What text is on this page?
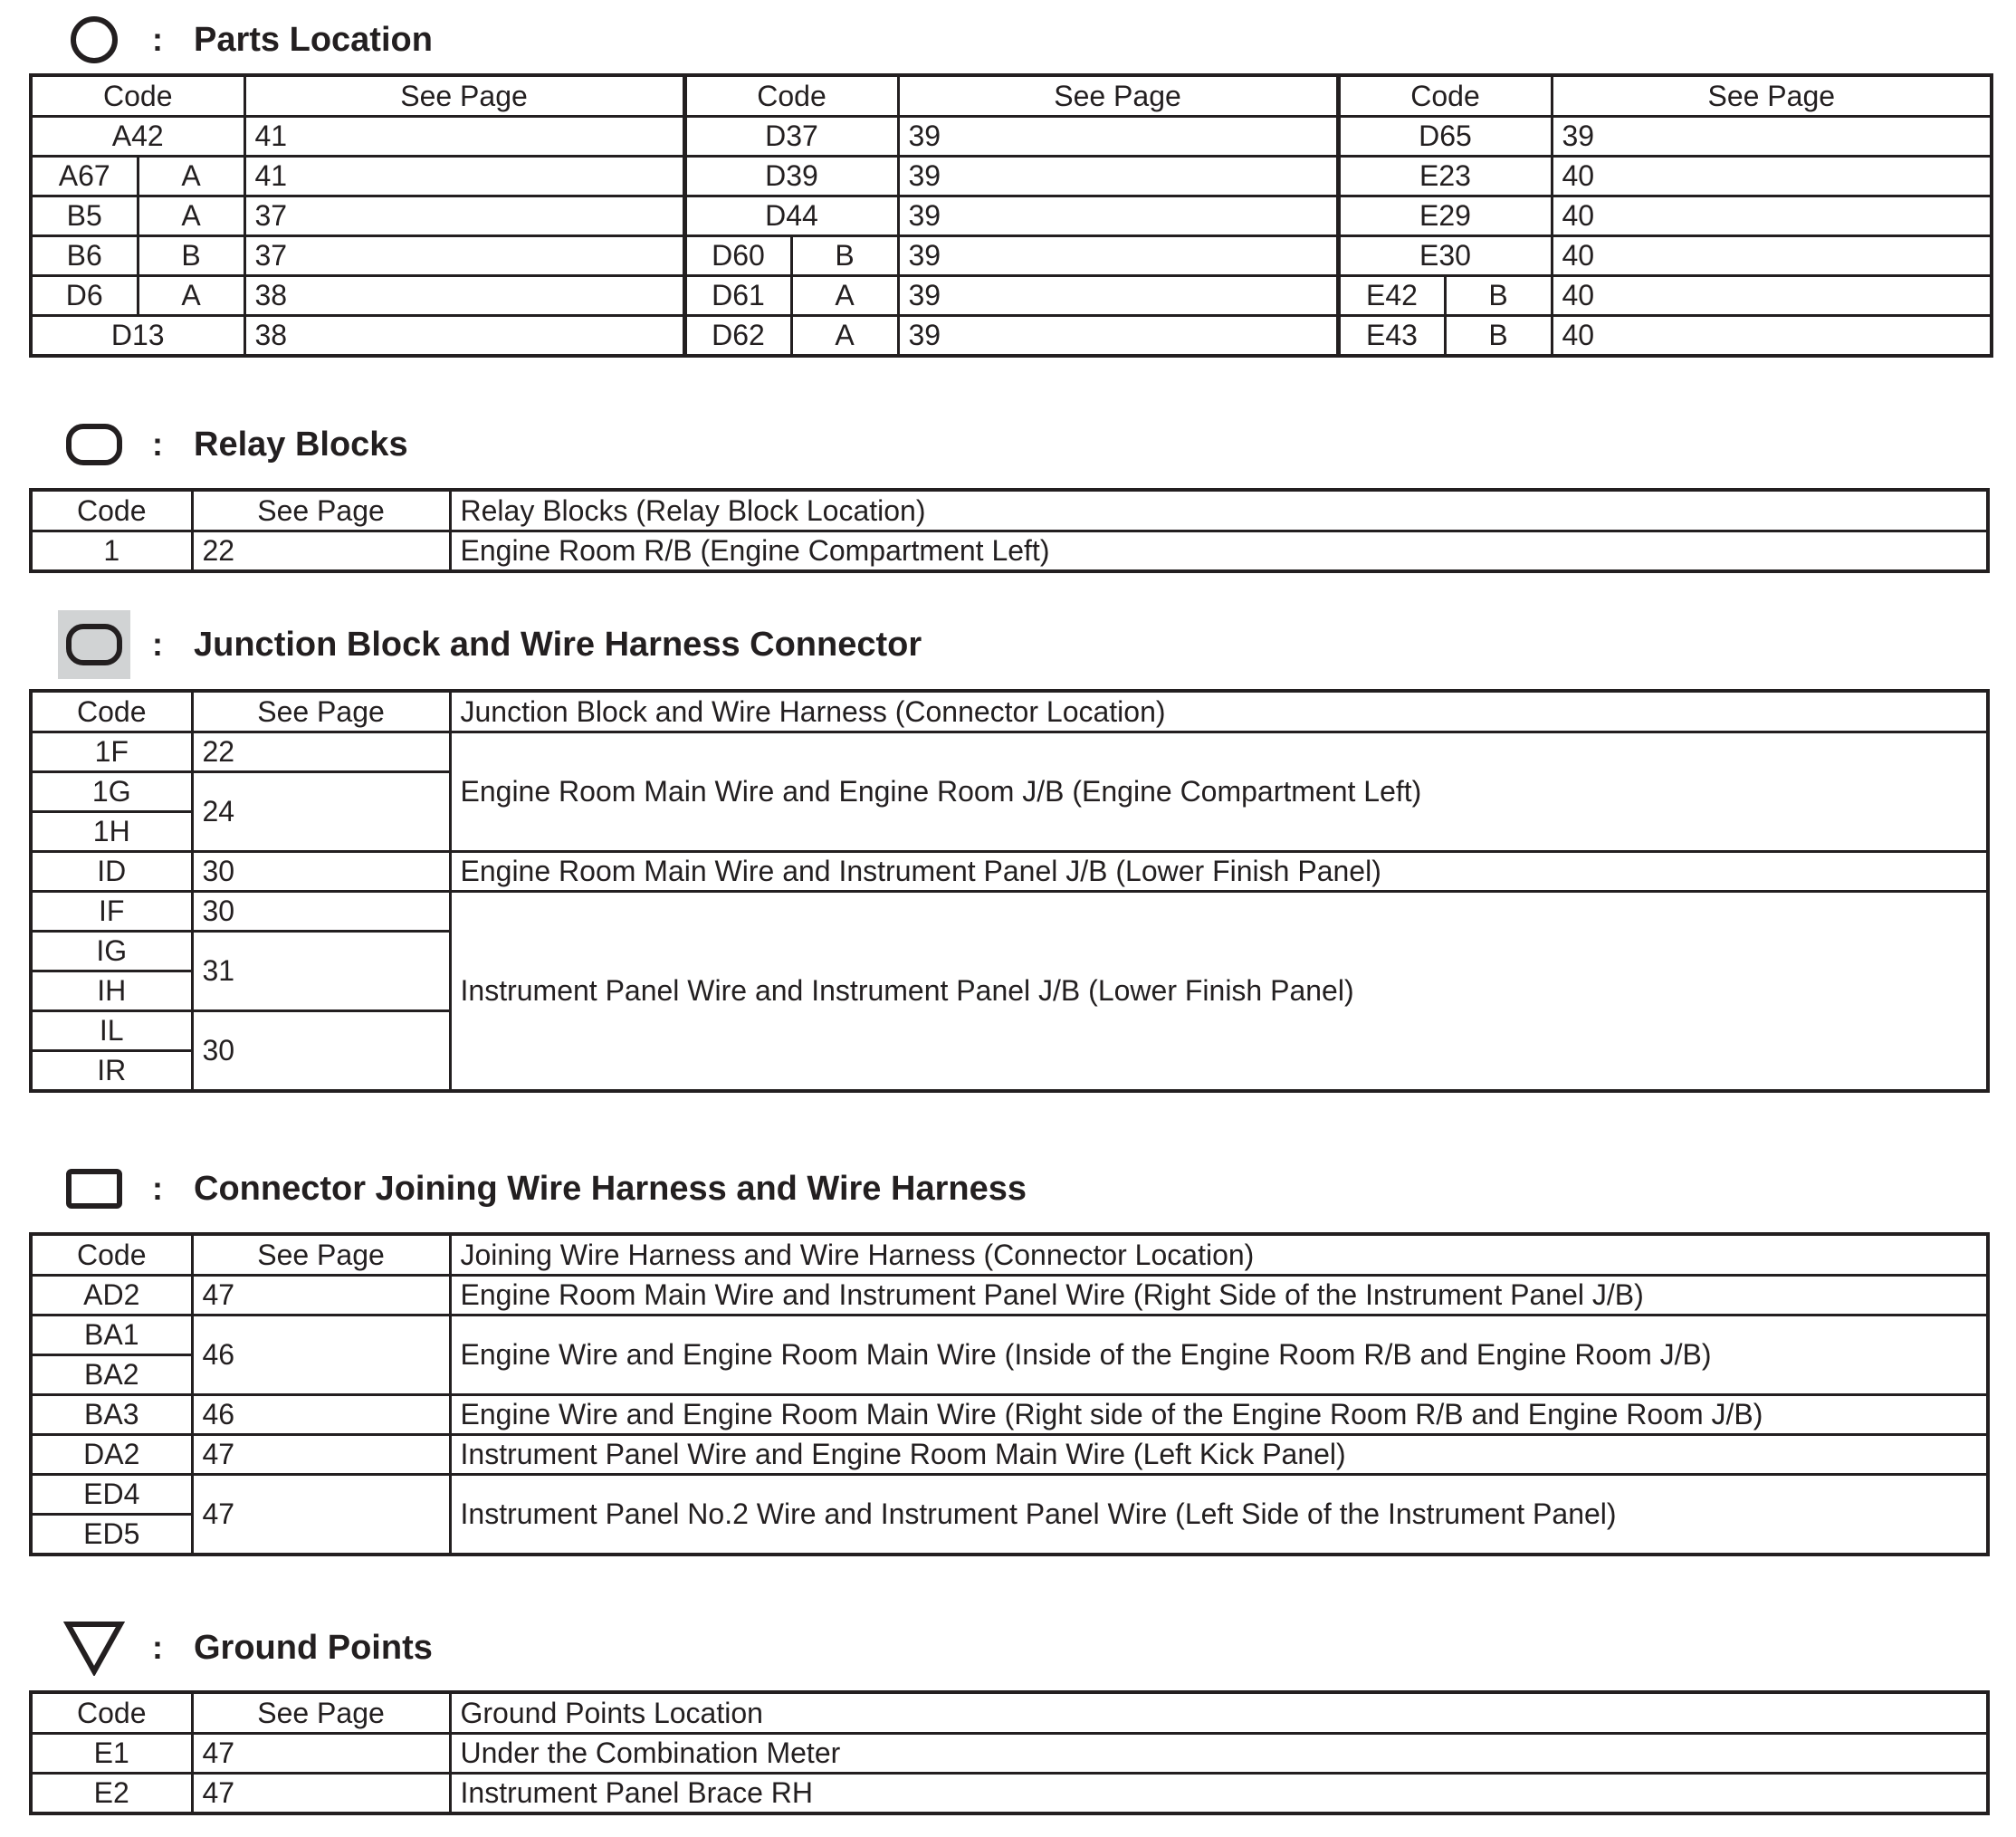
: Parts Location
Code		See Page	Code		See Page	Code		See Page
A42		41	D37		39	D65		39
A67	A	41	D39		39	E23		40
B5	A	37	D44		39	E29		40
B6	B	37	D60	B	39	E30		40
D6	A	38	D61	A	39	E42	B	40
D13		38	D62	A	39	E43	B	40
: Relay Blocks
Code	See Page	Relay Blocks (Relay Block Location)
1	22	Engine Room R/B (Engine Compartment Left)
: Junction Block and Wire Harness Connector
Code	See Page	Junction Block and Wire Harness (Connector Location)
1F	22	Engine Room Main Wire and Engine Room J/B (Engine Compartment Left)
1G	24	
1H		
ID	30	Engine Room Main Wire and Instrument Panel J/B (Lower Finish Panel)
IF	30	Instrument Panel Wire and Instrument Panel J/B (Lower Finish Panel)
IG	31	
IH		
IL	30	
IR		
: Connector Joining Wire Harness and Wire Harness
Code	See Page	Joining Wire Harness and Wire Harness (Connector Location)
AD2	47	Engine Room Main Wire and Instrument Panel Wire (Right Side of the Instrument Panel J/B)
BA1	46	Engine Wire and Engine Room Main Wire (Inside of the Engine Room R/B and Engine Room J/B)
BA2		
BA3	46	Engine Wire and Engine Room Main Wire (Right side of the Engine Room R/B and Engine Room J/B)
DA2	47	Instrument Panel Wire and Engine Room Main Wire (Left Kick Panel)
ED4	47	Instrument Panel No.2 Wire and Instrument Panel Wire (Left Side of the Instrument Panel)
ED5		
: Ground Points
Code	See Page	Ground Points Location
E1	47	Under the Combination Meter
E2	47	Instrument Panel Brace RH
